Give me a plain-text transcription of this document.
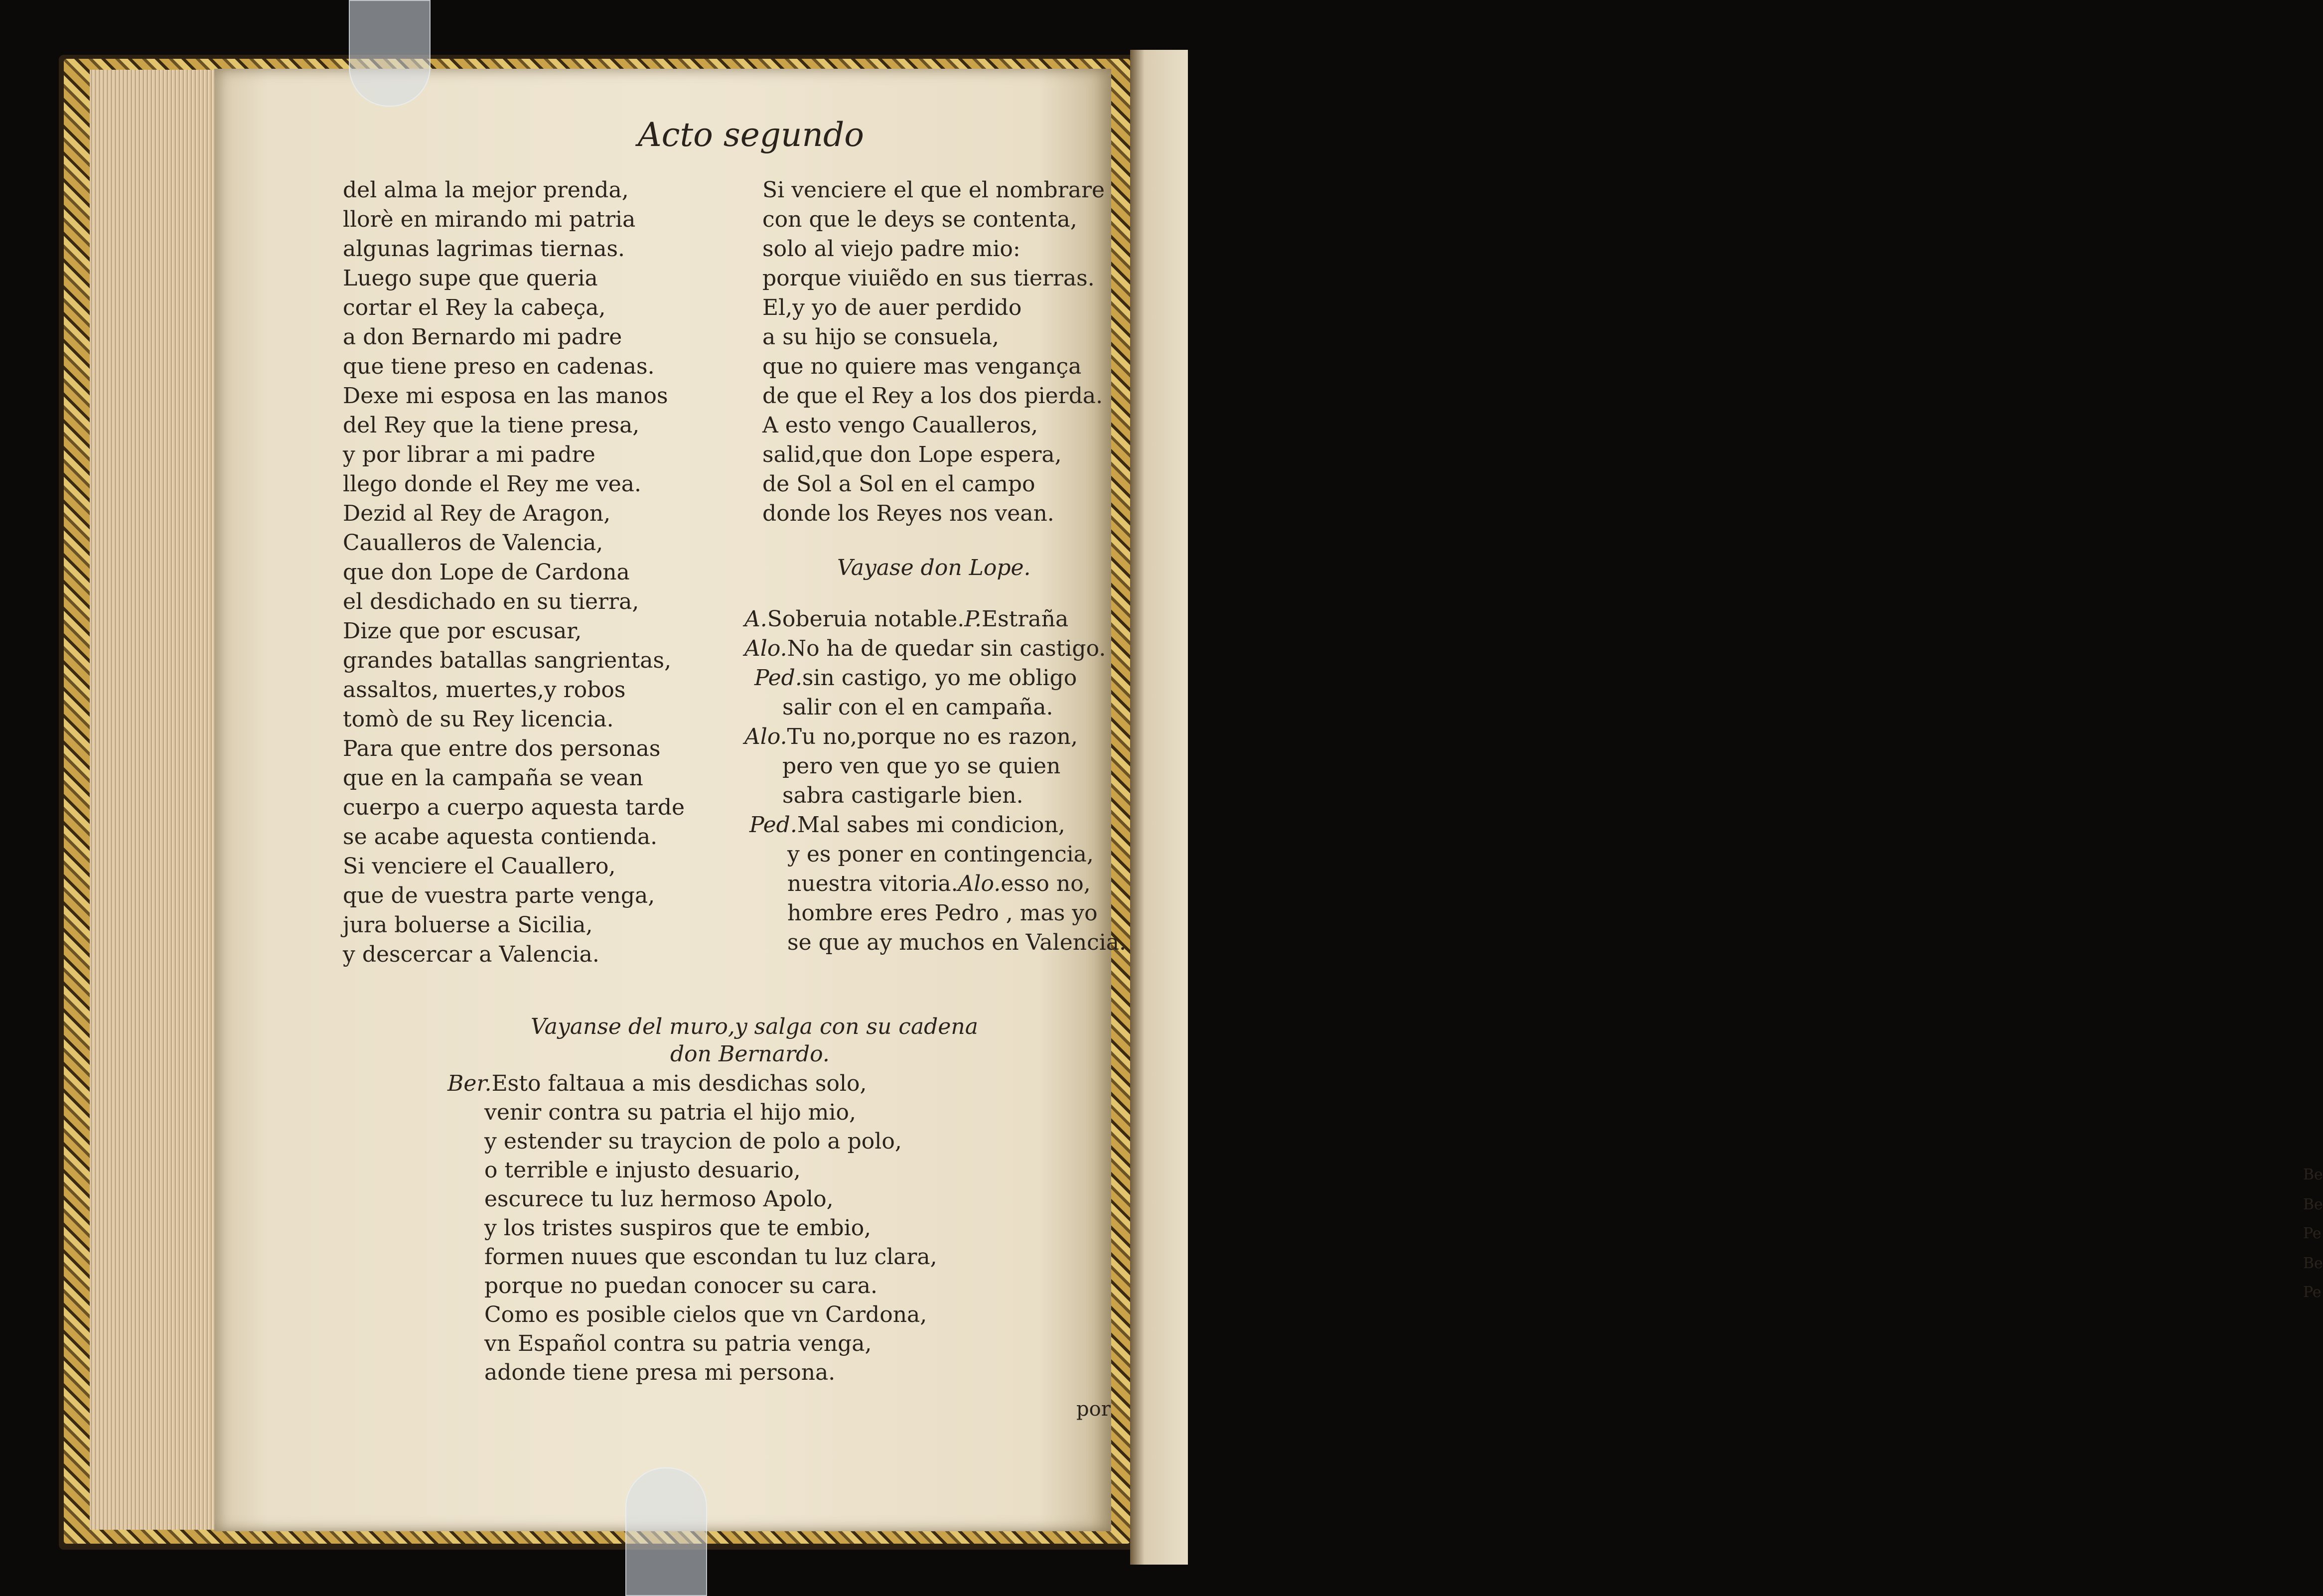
Be
Be
Pe
Be
Pe
Acto segundo
del alma la mejor prenda,
llorè en mirando mi patria
algunas lagrimas tiernas.
Luego supe que queria
cortar el Rey la cabeça,
a don Bernardo mi padre
que tiene preso en cadenas.
Dexe mi esposa en las manos
del Rey que la tiene presa,
y por librar a mi padre
llego donde el Rey me vea.
Dezid al Rey de Aragon,
Caualleros de Valencia,
que don Lope de Cardona
el desdichado en su tierra,
Dize que por escusar,
grandes batallas sangrientas,
assaltos, muertes,y robos
tomò de su Rey licencia.
Para que entre dos personas
que en la campaña se vean
cuerpo a cuerpo aquesta tarde
se acabe aquesta contienda.
Si venciere el Cauallero,
que de vuestra parte venga,
jura boluerse a Sicilia,
y descercar a Valencia.
Si venciere el que el nombrare
con que le deys se contenta,
solo al viejo padre mio:
porque viuiẽdo en sus tierras.
El,y yo de auer perdido
a su hijo se consuela,
que no quiere mas vengança
de que el Rey a los dos pierda.
A esto vengo Caualleros,
salid,que don Lope espera,
de Sol a Sol en el campo
donde los Reyes nos vean.
Vayase don Lope.
A.Soberuia notable.P.Estraña
Alo.No ha de quedar sin castigo.
Ped.sin castigo, yo me obligo
salir con el en campaña.
Alo.Tu no,porque no es razon,
pero ven que yo se quien
sabra castigarle bien.
Ped.Mal sabes mi condicion,
y es poner en contingencia,
nuestra vitoria.Alo.esso no,
hombre eres Pedro , mas yo
se que ay muchos en Valencia.
Vayanse del muro,y salga con su cadena
don Bernardo.
Ber.Esto faltaua a mis desdichas solo,
venir contra su patria el hijo mio,
y estender su traycion de polo a polo,
o terrible e injusto desuario,
escurece tu luz hermoso Apolo,
y los tristes suspiros que te embio,
formen nuues que escondan tu luz clara,
porque no puedan conocer su cara.
Como es posible cielos que vn Cardona,
vn Español contra su patria venga,
adonde tiene presa mi persona.
por
